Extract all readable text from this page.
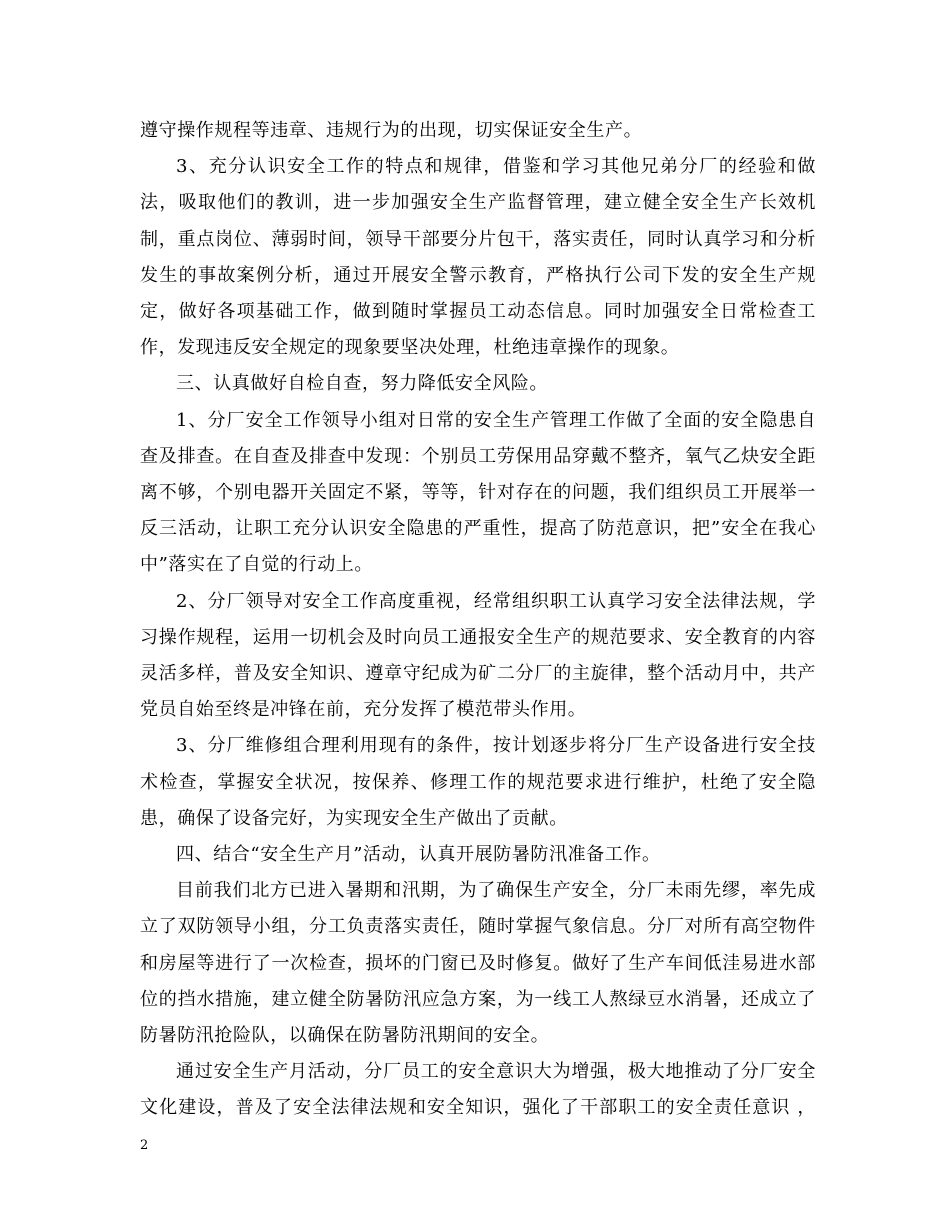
遵守操作规程等违章、违规行为的出现，切实保证安全生产。

3、充分认识安全工作的特点和规律，借鉴和学习其他兄弟分厂的经验和做法，吸取他们的教训，进一步加强安全生产监督管理，建立健全安全生产长效机制，重点岗位、薄弱时间，领导干部要分片包干，落实责任，同时认真学习和分析发生的事故案例分析，通过开展安全警示教育，严格执行公司下发的安全生产规定，做好各项基础工作，做到随时掌握员工动态信息。同时加强安全日常检查工作，发现违反安全规定的现象要坚决处理，杜绝违章操作的现象。

三、认真做好自检自查，努力降低安全风险。

1、分厂安全工作领导小组对日常的安全生产管理工作做了全面的安全隐患自查及排查。在自查及排查中发现：个别员工劳保用品穿戴不整齐，氧气乙炔安全距离不够，个别电器开关固定不紧，等等，针对存在的问题，我们组织员工开展举一反三活动，让职工充分认识安全隐患的严重性，提高了防范意识，把”安全在我心中”落实在了自觉的行动上。

2、分厂领导对安全工作高度重视，经常组织职工认真学习安全法律法规，学习操作规程，运用一切机会及时向员工通报安全生产的规范要求、安全教育的内容灵活多样，普及安全知识、遵章守纪成为矿二分厂的主旋律，整个活动月中，共产党员自始至终是冲锋在前，充分发挥了模范带头作用。

3、分厂维修组合理利用现有的条件，按计划逐步将分厂生产设备进行安全技术检查，掌握安全状况，按保养、修理工作的规范要求进行维护，杜绝了安全隐患，确保了设备完好，为实现安全生产做出了贡献。

四、结合“安全生产月”活动，认真开展防暑防汛准备工作。

目前我们北方已进入暑期和汛期，为了确保生产安全，分厂未雨先缪，率先成立了双防领导小组，分工负责落实责任，随时掌握气象信息。分厂对所有高空物件和房屋等进行了一次检查，损坏的门窗已及时修复。做好了生产车间低洼易进水部位的挡水措施，建立健全防暑防汛应急方案，为一线工人熬绿豆水消暑，还成立了防暑防汛抢险队，以确保在防暑防汛期间的安全。

通过安全生产月活动，分厂员工的安全意识大为增强，极大地推动了分厂安全文化建设，普及了安全法律法规和安全知识，强化了干部职工的安全责任意识 ，

2
